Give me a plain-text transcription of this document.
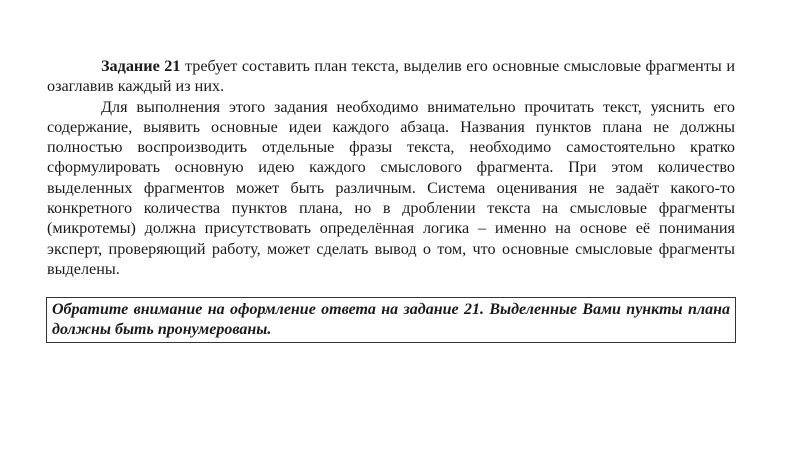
Задание 21 требует составить план текста, выделив его основные смысловые фрагменты и озаглавив каждый из них.

Для выполнения этого задания необходимо внимательно прочитать текст, уяснить его содержание, выявить основные идеи каждого абзаца. Названия пунктов плана не должны полностью воспроизводить отдельные фразы текста, необходимо самостоятельно кратко сформулировать основную идею каждого смыслового фрагмента. При этом количество выделенных фрагментов может быть различным. Система оценивания не задаёт какого-то конкретного количества пунктов плана, но в дроблении текста на смысловые фрагменты (микротемы) должна присутствовать определённая логика – именно на основе её понимания эксперт, проверяющий работу, может сделать вывод о том, что основные смысловые фрагменты выделены.

Обратите внимание на оформление ответа на задание 21. Выделенные Вами пункты плана должны быть пронумерованы.
